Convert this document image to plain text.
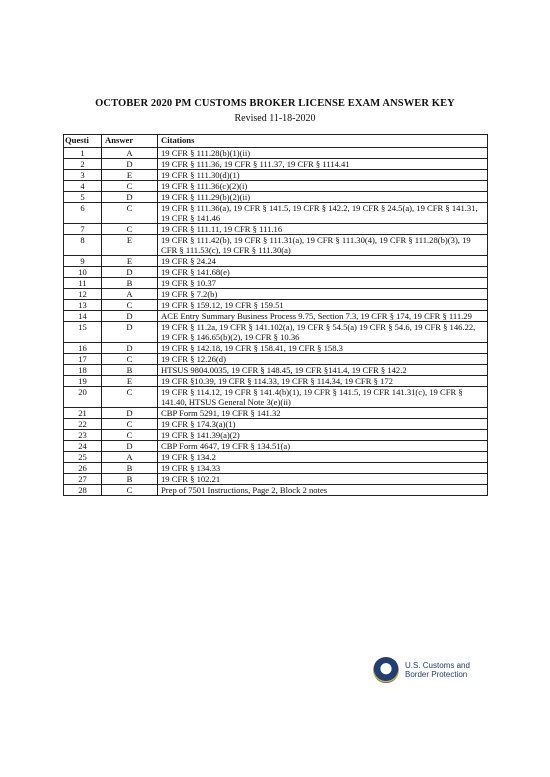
OCTOBER 2020 PM CUSTOMS BROKER LICENSE EXAM ANSWER KEY
Revised 11-18-2020
Questi	Answer	Citations
1	A	19 CFR § 111.28(b)(1)(ii)
2	D	19 CFR § 111.36, 19 CFR § 111.37, 19 CFR § 1114.41
3	E	19 CFR § 111.30(d)(1)
4	C	19 CFR § 111.36(c)(2)(i)
5	D	19 CFR § 111.29(b)(2)(ii)
6	C	19 CFR § 111.36(a), 19 CFR § 141.5, 19 CFR § 142.2, 19 CFR § 24.5(a), 19 CFR § 141.31, 19 CFR § 141.46
7	C	19 CFR § 111.11, 19 CFR § 111.16
8	E	19 CFR § 111.42(b), 19 CFR § 111.31(a), 19 CFR § 111.30(4), 19 CFR § 111.28(b)(3), 19 CFR § 111.53(c), 19 CFR § 111.30(a)
9	E	19 CFR § 24.24
10	D	19 CFR § 141.68(e)
11	B	19 CFR § 10.37
12	A	19 CFR § 7.2(b)
13	C	19 CFR § 159.12, 19 CFR § 159.51
14	D	ACE Entry Summary Business Process 9.75, Section 7.3, 19 CFR § 174, 19 CFR § 111.29
15	D	19 CFR § 11.2a, 19 CFR § 141.102(a), 19 CFR § 54.5(a) 19 CFR § 54.6, 19 CFR § 146.22, 19 CFR § 146.65(b)(2), 19 CFR § 10.36
16	D	19 CFR § 142.18, 19 CFR § 158.41, 19 CFR § 158.3
17	C	19 CFR § 12.26(d)
18	B	HTSUS 9804.0035, 19 CFR § 148.45, 19 CFR §141.4, 19 CFR § 142.2
19	E	19 CFR §10.39, 19 CFR § 114.33, 19 CFR § 114.34, 19 CFR § 172
20	C	19 CFR § 114.12, 19 CFR § 141.4(b)(1), 19 CFR § 141.5, 19 CFR 141.31(c), 19 CFR § 141.40, HTSUS General Note 3(e)(ii)
21	D	CBP Form 5291, 19 CFR § 141.32
22	C	19 CFR § 174.3(a)(1)
23	C	19 CFR § 141.39(a)(2)
24	D	CBP Form 4647, 19 CFR § 134.51(a)
25	A	19 CFR § 134.2
26	B	19 CFR § 134.33
27	B	19 CFR § 102.21
28	C	Prep of 7501 Instructions, Page 2, Block 2 notes
U.S. Customs and
Border Protection
